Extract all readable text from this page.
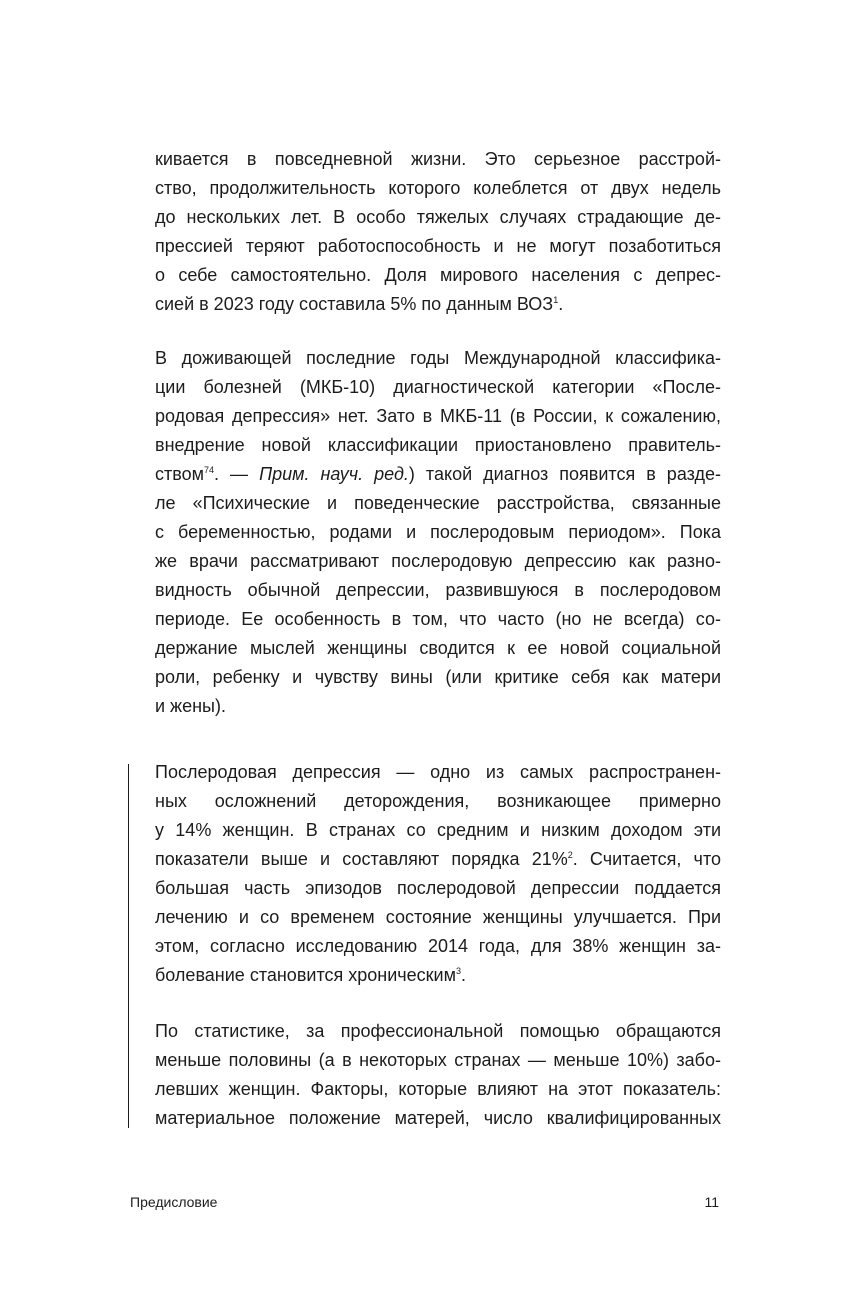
кивается в повседневной жизни. Это серьезное расстрой-
ство, продолжительность которого колеблется от двух недель
до нескольких лет. В особо тяжелых случаях страдающие де-
прессией теряют работоспособность и не могут позаботиться
о себе самостоятельно. Доля мирового населения с депрес-
сией в 2023 году составила 5% по данным ВОЗ$^1$.
В доживающей последние годы Международной классифика-
ции болезней (МКБ-10) диагностической категории «После-
родовая депрессия» нет. Зато в МКБ-11 (в России, к сожалению,
внедрение новой классификации приостановлено правитель-
ством$^{74}$. — Прим. науч. ред.) такой диагноз появится в разде-
ле «Психические и поведенческие расстройства, связанные
с беременностью, родами и послеродовым периодом». Пока
же врачи рассматривают послеродовую депрессию как разно-
видность обычной депрессии, развившуюся в послеродовом
периоде. Ее особенность в том, что часто (но не всегда) со-
держание мыслей женщины сводится к ее новой социальной
роли, ребенку и чувству вины (или критике себя как матери
и жены).
Послеродовая депрессия — одно из самых распространен-
ных осложнений деторождения, возникающее примерно
у 14% женщин. В странах со средним и низким доходом эти
показатели выше и составляют порядка 21%$^2$. Считается, что
большая часть эпизодов послеродовой депрессии поддается
лечению и со временем состояние женщины улучшается. При
этом, согласно исследованию 2014 года, для 38% женщин за-
болевание становится хроническим$^3$.
По статистике, за профессиональной помощью обращаются
меньше половины (а в некоторых странах — меньше 10%) забо-
левших женщин. Факторы, которые влияют на этот показатель:
материальное положение матерей, число квалифицированных
Предисловие	11
